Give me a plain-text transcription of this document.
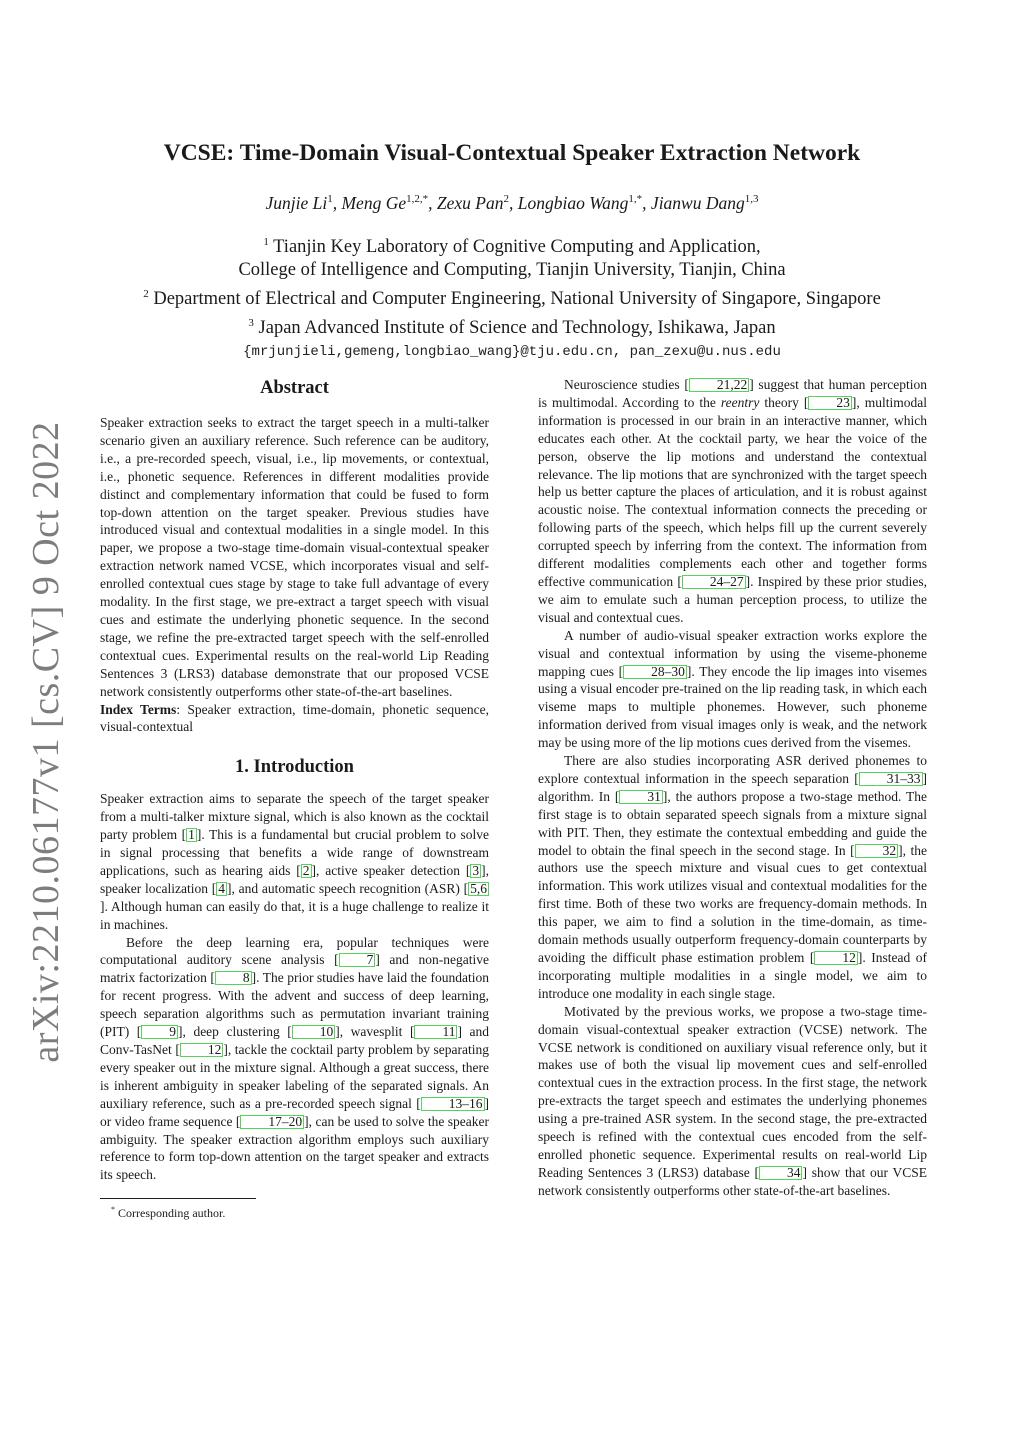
arXiv:2210.06177v1 [cs.CV] 9 Oct 2022
VCSE: Time-Domain Visual-Contextual Speaker Extraction Network
Junjie Li$^1$, Meng $Ge^{1,2,*}$, Zexu Pan$^2$, Longbiao Wang$^{1,*}$, Jianwu Dang$^{1,3}$
$^1$ Tianjin Key Laboratory of Cognitive Computing and Application,
College of Intelligence and Computing, Tianjin University, Tianjin, China
$^2$ Department of Electrical and Computer Engineering, National University of Singapore, Singapore
$^3$ Japan Advanced Institute of Science and Technology, Ishikawa, Japan
{mrjunjieli,gemeng,longbiao_wang}@tju.edu.cn, pan_zexu@u.nus.edu
Abstract

Speaker extraction seeks to extract the target speech in a multi-talker scenario given an auxiliary reference. Such reference can be auditory, i.e., a pre-recorded speech, visual, i.e., lip movements, or contextual, i.e., phonetic sequence. References in different modalities provide distinct and complementary information that could be fused to form top-down attention on the target speaker. Previous studies have introduced visual and contextual modalities in a single model. In this paper, we propose a two-stage time-domain visual-contextual speaker extraction network named VCSE, which incorporates visual and self-enrolled contextual cues stage by stage to take full advantage of every modality. In the first stage, we pre-extract a target speech with visual cues and estimate the underlying phonetic sequence. In the second stage, we refine the pre-extracted target speech with the self-enrolled contextual cues. Experimental results on the real-world Lip Reading Sentences 3 (LRS3) database demonstrate that our proposed VCSE network consistently outperforms other state-of-the-art baselines.

Index Terms: Speaker extraction, time-domain, phonetic sequence, visual-contextual

1. Introduction

Speaker extraction aims to separate the speech of the target speaker from a multi-talker mixture signal, which is also known as the cocktail party problem [ 1 ]. This is a fundamental but crucial problem to solve in signal processing that benefits a wide range of downstream applications, such as hearing aids [ 2 ], active speaker detection [ 3 ], speaker localization [ 4 ], and automatic speech recognition (ASR) [ 5,6]. Although human can easily do that, it is a huge challenge to realize it in machines.

Before the deep learning era, popular techniques were computational auditory scene analysis [ 7 ] and non-negative matrix factorization [ 8 ]. The prior studies have laid the foundation for recent progress. With the advent and success of deep learning, speech separation algorithms such as permutation invariant training (PIT) [ 9 ], deep clustering [ 10 ], wavesplit [ 11 ] and Conv-TasNet [ 12 ], tackle the cocktail party problem by separating every speaker out in the mixture signal. Although a great success, there is inherent ambiguity in speaker labeling of the separated signals. An auxiliary reference, such as a pre-recorded speech signal [ 13–16 ] or video frame sequence [ 17–20 ], can be used to solve the speaker ambiguity. The speaker extraction algorithm employs such auxiliary reference to form top-down attention on the target speaker and extracts its speech.

* Corresponding author.

Neuroscience studies [ 21,22 ] suggest that human perception is multimodal. According to the reentry theory [ 23 ], multimodal information is processed in our brain in an interactive manner, which educates each other. At the cocktail party, we hear the voice of the person, observe the lip motions and understand the contextual relevance. The lip motions that are synchronized with the target speech help us better capture the places of articulation, and it is robust against acoustic noise. The contextual information connects the preceding or following parts of the speech, which helps fill up the current severely corrupted speech by inferring from the context. The information from different modalities complements each other and together forms effective communication [ 24–27 ]. Inspired by these prior studies, we aim to emulate such a human perception process, to utilize the visual and contextual cues.

A number of audio-visual speaker extraction works explore the visual and contextual information by using the viseme-phoneme mapping cues [ 28–30 ]. They encode the lip images into visemes using a visual encoder pre-trained on the lip reading task, in which each viseme maps to multiple phonemes. However, such phoneme information derived from visual images only is weak, and the network may be using more of the lip motions cues derived from the visemes.

There are also studies incorporating ASR derived phonemes to explore contextual information in the speech separation [ 31–33 ] algorithm. In [ 31 ], the authors propose a two-stage method. The first stage is to obtain separated speech signals from a mixture signal with PIT. Then, they estimate the contextual embedding and guide the model to obtain the final speech in the second stage. In [ 32 ], the authors use the speech mixture and visual cues to get contextual information. This work utilizes visual and contextual modalities for the first time. Both of these two works are frequency-domain methods. In this paper, we aim to find a solution in the time-domain, as time-domain methods usually outperform frequency-domain counterparts by avoiding the difficult phase estimation problem [ 12 ]. Instead of incorporating multiple modalities in a single model, we aim to introduce one modality in each single stage.

Motivated by the previous works, we propose a two-stage time-domain visual-contextual speaker extraction (VCSE) network. The VCSE network is conditioned on auxiliary visual reference only, but it makes use of both the visual lip movement cues and self-enrolled contextual cues in the extraction process. In the first stage, the network pre-extracts the target speech and estimates the underlying phonemes using a pre-trained ASR system. In the second stage, the pre-extracted speech is refined with the contextual cues encoded from the self-enrolled phonetic sequence. Experimental results on real-world Lip Reading Sentences 3 (LRS3) database [ 34 ] show that our VCSE network consistently outperforms other state-of-the-art baselines.
